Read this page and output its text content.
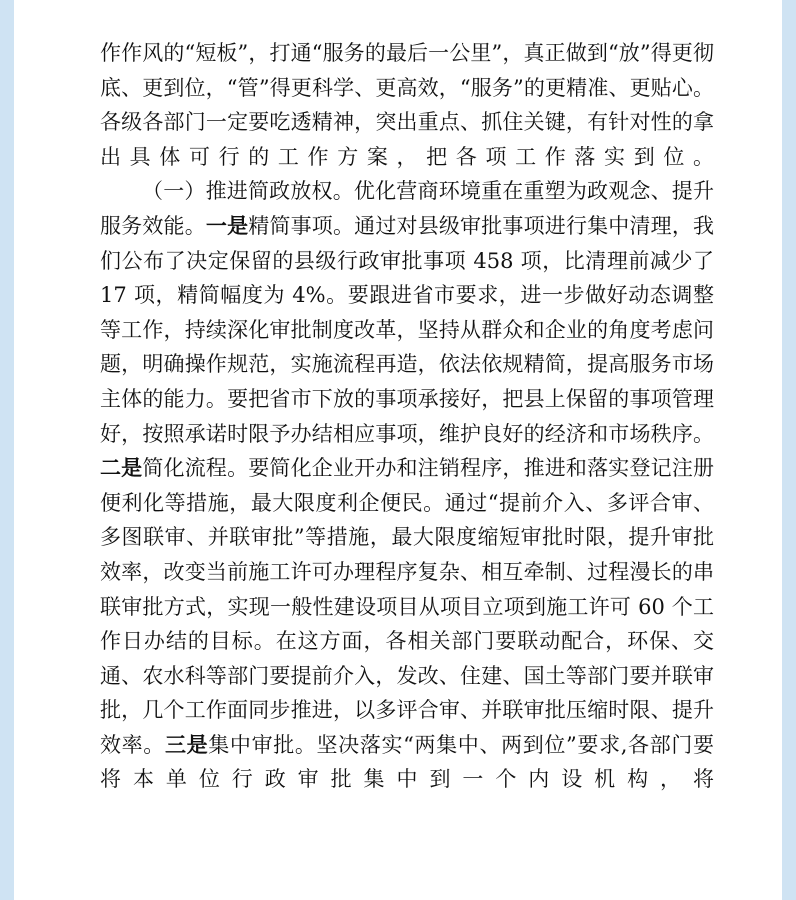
作作风的“短板”，打通“服务的最后一公里”，真正做到“放”得更彻底、更到位，“管”得更科学、更高效，“服务”的更精准、更贴心。各级各部门一定要吃透精神，突出重点、抓住关键，有针对性的拿出具体可行的工作方案，把各项工作落实到位。

（一）推进简政放权。优化营商环境重在重塑为政观念、提升服务效能。一是精简事项。通过对县级审批事项进行集中清理，我们公布了决定保留的县级行政审批事项 458 项，比清理前减少了 17 项，精简幅度为 4%。要跟进省市要求，进一步做好动态调整等工作，持续深化审批制度改革，坚持从群众和企业的角度考虑问题，明确操作规范，实施流程再造，依法依规精简，提高服务市场主体的能力。要把省市下放的事项承接好，把县上保留的事项管理好，按照承诺时限予办结相应事项，维护良好的经济和市场秩序。二是简化流程。要简化企业开办和注销程序，推进和落实登记注册便利化等措施，最大限度利企便民。通过“提前介入、多评合审、多图联审、并联审批”等措施，最大限度缩短审批时限，提升审批效率，改变当前施工许可办理程序复杂、相互牵制、过程漫长的串联审批方式，实现一般性建设项目从项目立项到施工许可 60 个工作日办结的目标。在这方面，各相关部门要联动配合，环保、交通、农水科等部门要提前介入，发改、住建、国土等部门要并联审批，几个工作面同步推进，以多评合审、并联审批压缩时限、提升效率。三是集中审批。坚决落实“两集中、两到位”要求,各部门要将本单位行政审批集中到一个内设机构，将
